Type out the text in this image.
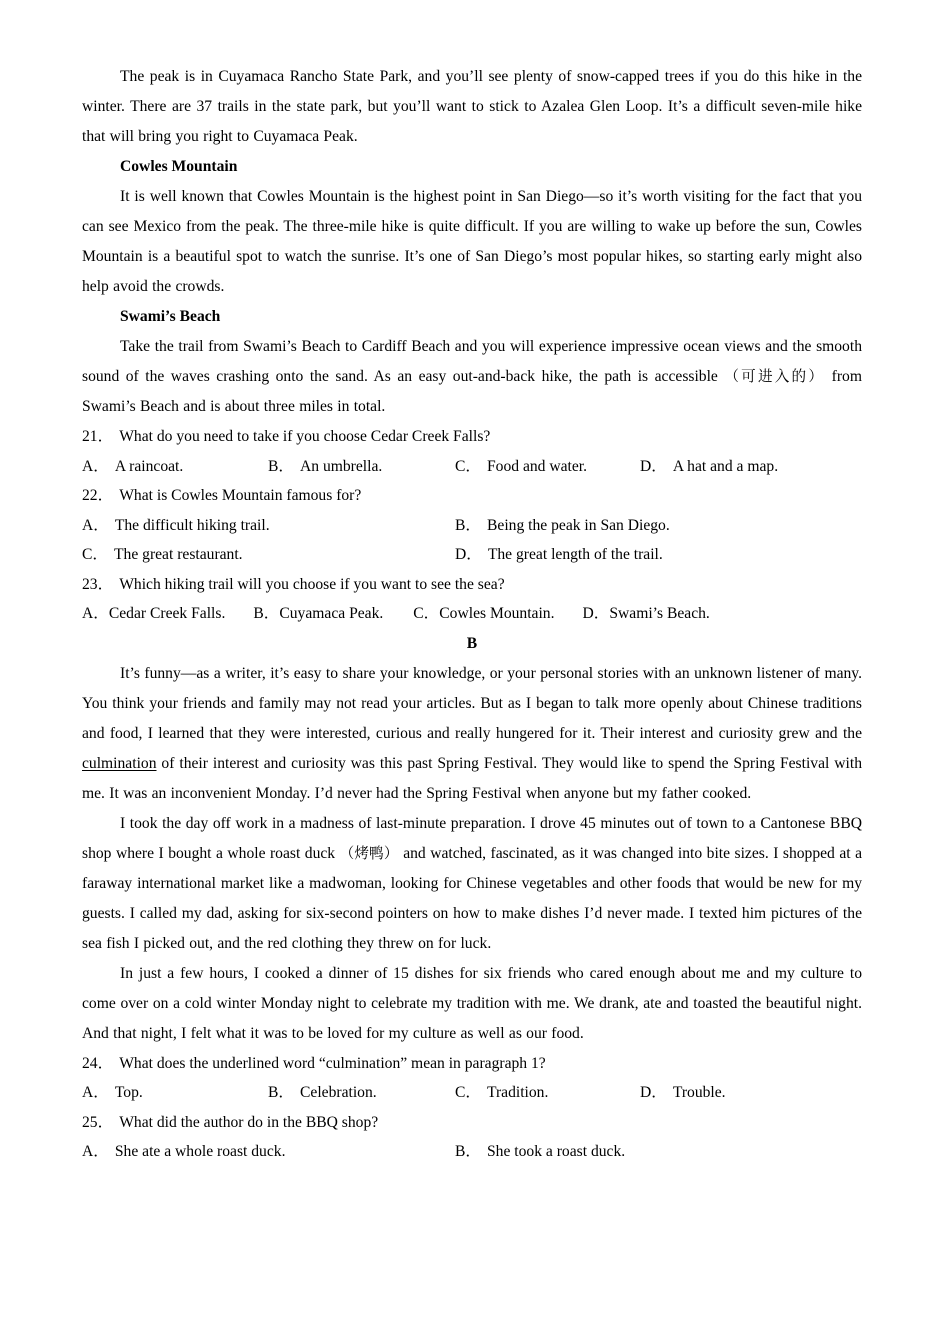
The peak is in Cuyamaca Rancho State Park, and you’ll see plenty of snow-capped trees if you do this hike in the winter. There are 37 trails in the state park, but you’ll want to stick to Azalea Glen Loop. It’s a difficult seven-mile hike that will bring you right to Cuyamaca Peak.

Cowles Mountain

It is well known that Cowles Mountain is the highest point in San Diego—so it’s worth visiting for the fact that you can see Mexico from the peak. The three-mile hike is quite difficult. If you are willing to wake up before the sun, Cowles Mountain is a beautiful spot to watch the sunrise. It’s one of San Diego’s most popular hikes, so starting early might also help avoid the crowds.

Swami’s Beach

Take the trail from Swami’s Beach to Cardiff Beach and you will experience impressive ocean views and the smooth sound of the waves crashing onto the sand. As an easy out-and-back hike, the path is accessible （可进入的） from Swami’s Beach and is about three miles in total.

21． What do you need to take if you choose Cedar Creek Falls?

A． A raincoat.	B． An umbrella.	C． Food and water.	D． A hat and a map.

22． What is Cowles Mountain famous for?

A． The difficult hiking trail.	B． Being the peak in San Diego.
C． The great restaurant.	D． The great length of the trail.

23． Which hiking trail will you choose if you want to see the sea?

A．Cedar Creek Falls. B．Cuyamaca Peak. C．Cowles Mountain. D．Swami’s Beach.

B

It’s funny—as a writer, it’s easy to share your knowledge, or your personal stories with an unknown listener of many. You think your friends and family may not read your articles. But as I began to talk more openly about Chinese traditions and food, I learned that they were interested, curious and really hungered for it. Their interest and curiosity grew and the culmination of their interest and curiosity was this past Spring Festival. They would like to spend the Spring Festival with me. It was an inconvenient Monday. I’d never had the Spring Festival when anyone but my father cooked.

I took the day off work in a madness of last-minute preparation. I drove 45 minutes out of town to a Cantonese BBQ shop where I bought a whole roast duck （烤鸭） and watched, fascinated, as it was changed into bite sizes. I shopped at a faraway international market like a madwoman, looking for Chinese vegetables and other foods that would be new for my guests. I called my dad, asking for six-second pointers on how to make dishes I’d never made. I texted him pictures of the sea fish I picked out, and the red clothing they threw on for luck.

In just a few hours, I cooked a dinner of 15 dishes for six friends who cared enough about me and my culture to come over on a cold winter Monday night to celebrate my tradition with me. We drank, ate and toasted the beautiful night. And that night, I felt what it was to be loved for my culture as well as our food.

24． What does the underlined word “culmination” mean in paragraph 1?

A． Top.	B． Celebration.	C． Tradition.	D． Trouble.

25． What did the author do in the BBQ shop?

A． She ate a whole roast duck.	B． She took a roast duck.
